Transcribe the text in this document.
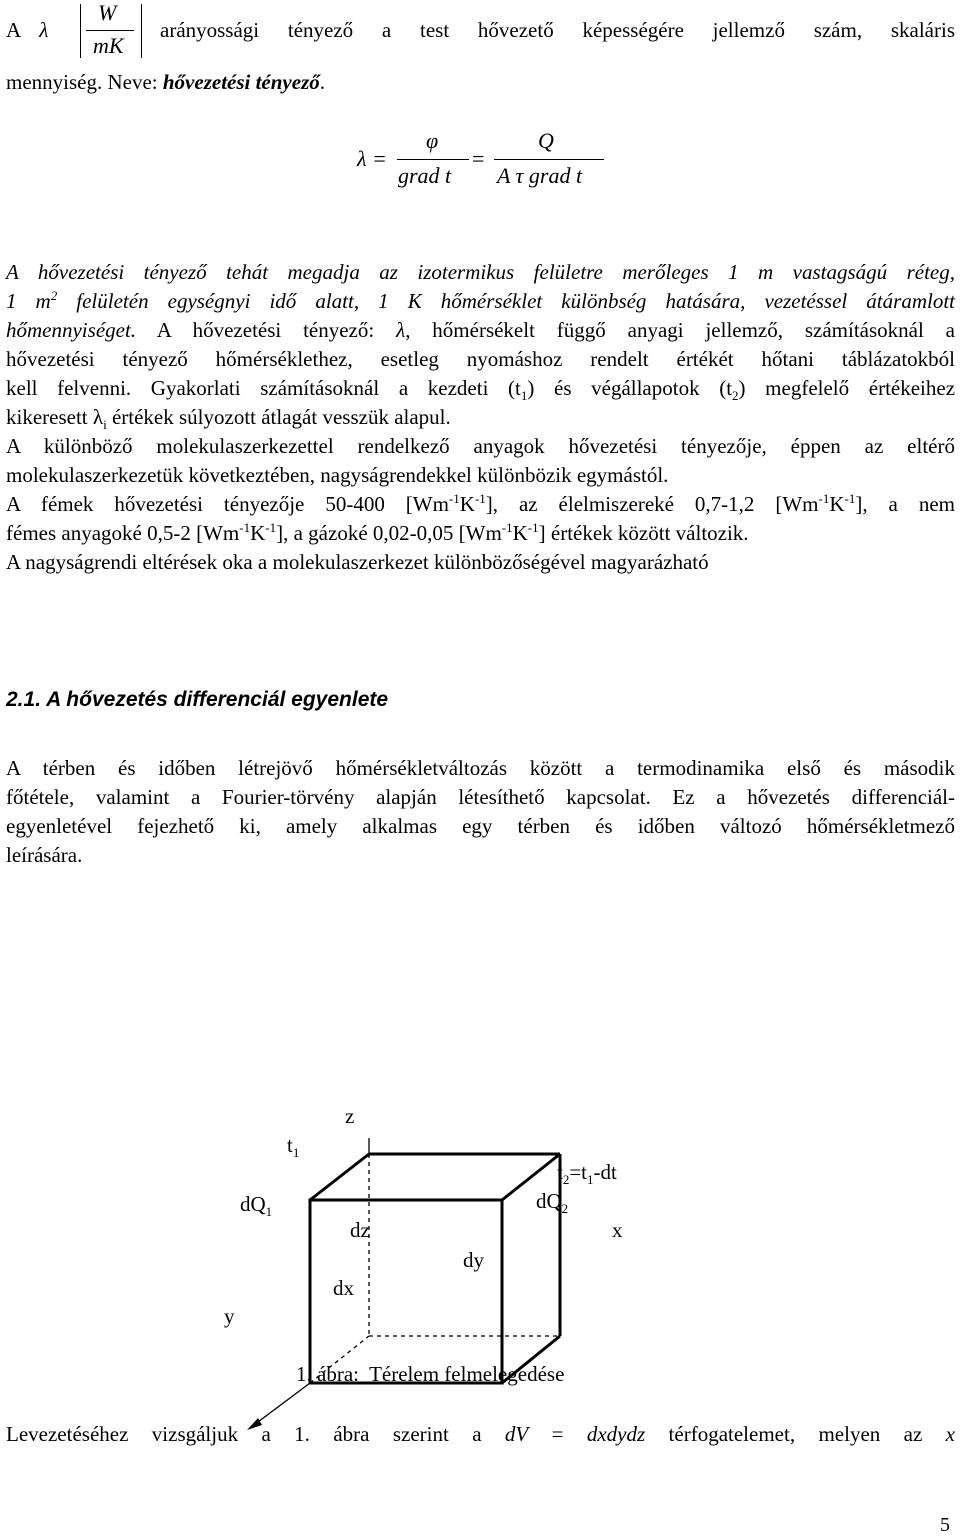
A λ
W
mK
arányossági tényező a test hővezető képességére jellemző szám, skaláris
mennyiség. Neve: hővezetési tényező.
λ =
φ
grad t
=
Q
A τ grad t
A hővezetési tényező tehát megadja az izotermikus felületre merőleges 1 m vastagságú réteg,
1 $m^2$ felületén egységnyi idő alatt, 1 K hőmérséklet különbség hatására, vezetéssel átáramlott
hőmennyiséget. A hővezetési tényező: λ, hőmérsékelt függő anyagi jellemző, számításoknál a
hővezetési tényező hőmérséklethez, esetleg nyomáshoz rendelt értékét hőtani táblázatokból
kell felvenni. Gyakorlati számításoknál a kezdeti $(t_1)$ és végállapotok $(t_2)$ megfelelő értékeihez
kikeresett $\lambda_i$ értékek súlyozott átlagát vesszük alapul.
A különböző molekulaszerkezettel rendelkező anyagok hővezetési tényezője, éppen az eltérő
molekulaszerkezetük következtében, nagyságrendekkel különbözik egymástól.
A fémek hővezetési tényezője 50-400 $[Wm^{-1}K^{-1}]$, az élelmiszereké 0,7-1,2 $[Wm^{-1}K^{-1}]$, a nem
fémes anyagoké 0,5-2 $[Wm^{-1}K^{-1}]$, a gázoké 0,02-0,05 $[Wm^{-1}K^{-1}]$ értékek között változik.
A nagyságrendi eltérések oka a molekulaszerkezet különbözőségével magyarázható
2.1. A hővezetés differenciál egyenlete
A térben és időben létrejövő hőmérsékletváltozás között a termodinamika első és második
főtétele, valamint a Fourier-törvény alapján létesíthető kapcsolat. Ez a hővezetés differenciál-
egyenletével fejezhető ki, amely alkalmas egy térben és időben változó hőmérsékletmező
leírására.
z
$t_1$
$t_2=t_1-dt$
$dQ_1$	$dQ_2$
x
dz
dy
dx
y
1. ábra:  Térelem felmelegedése
Levezetéséhez vizsgáljuk a 1. ábra szerint a dV = dxdydz térfogatelemet, melyen az x
5
